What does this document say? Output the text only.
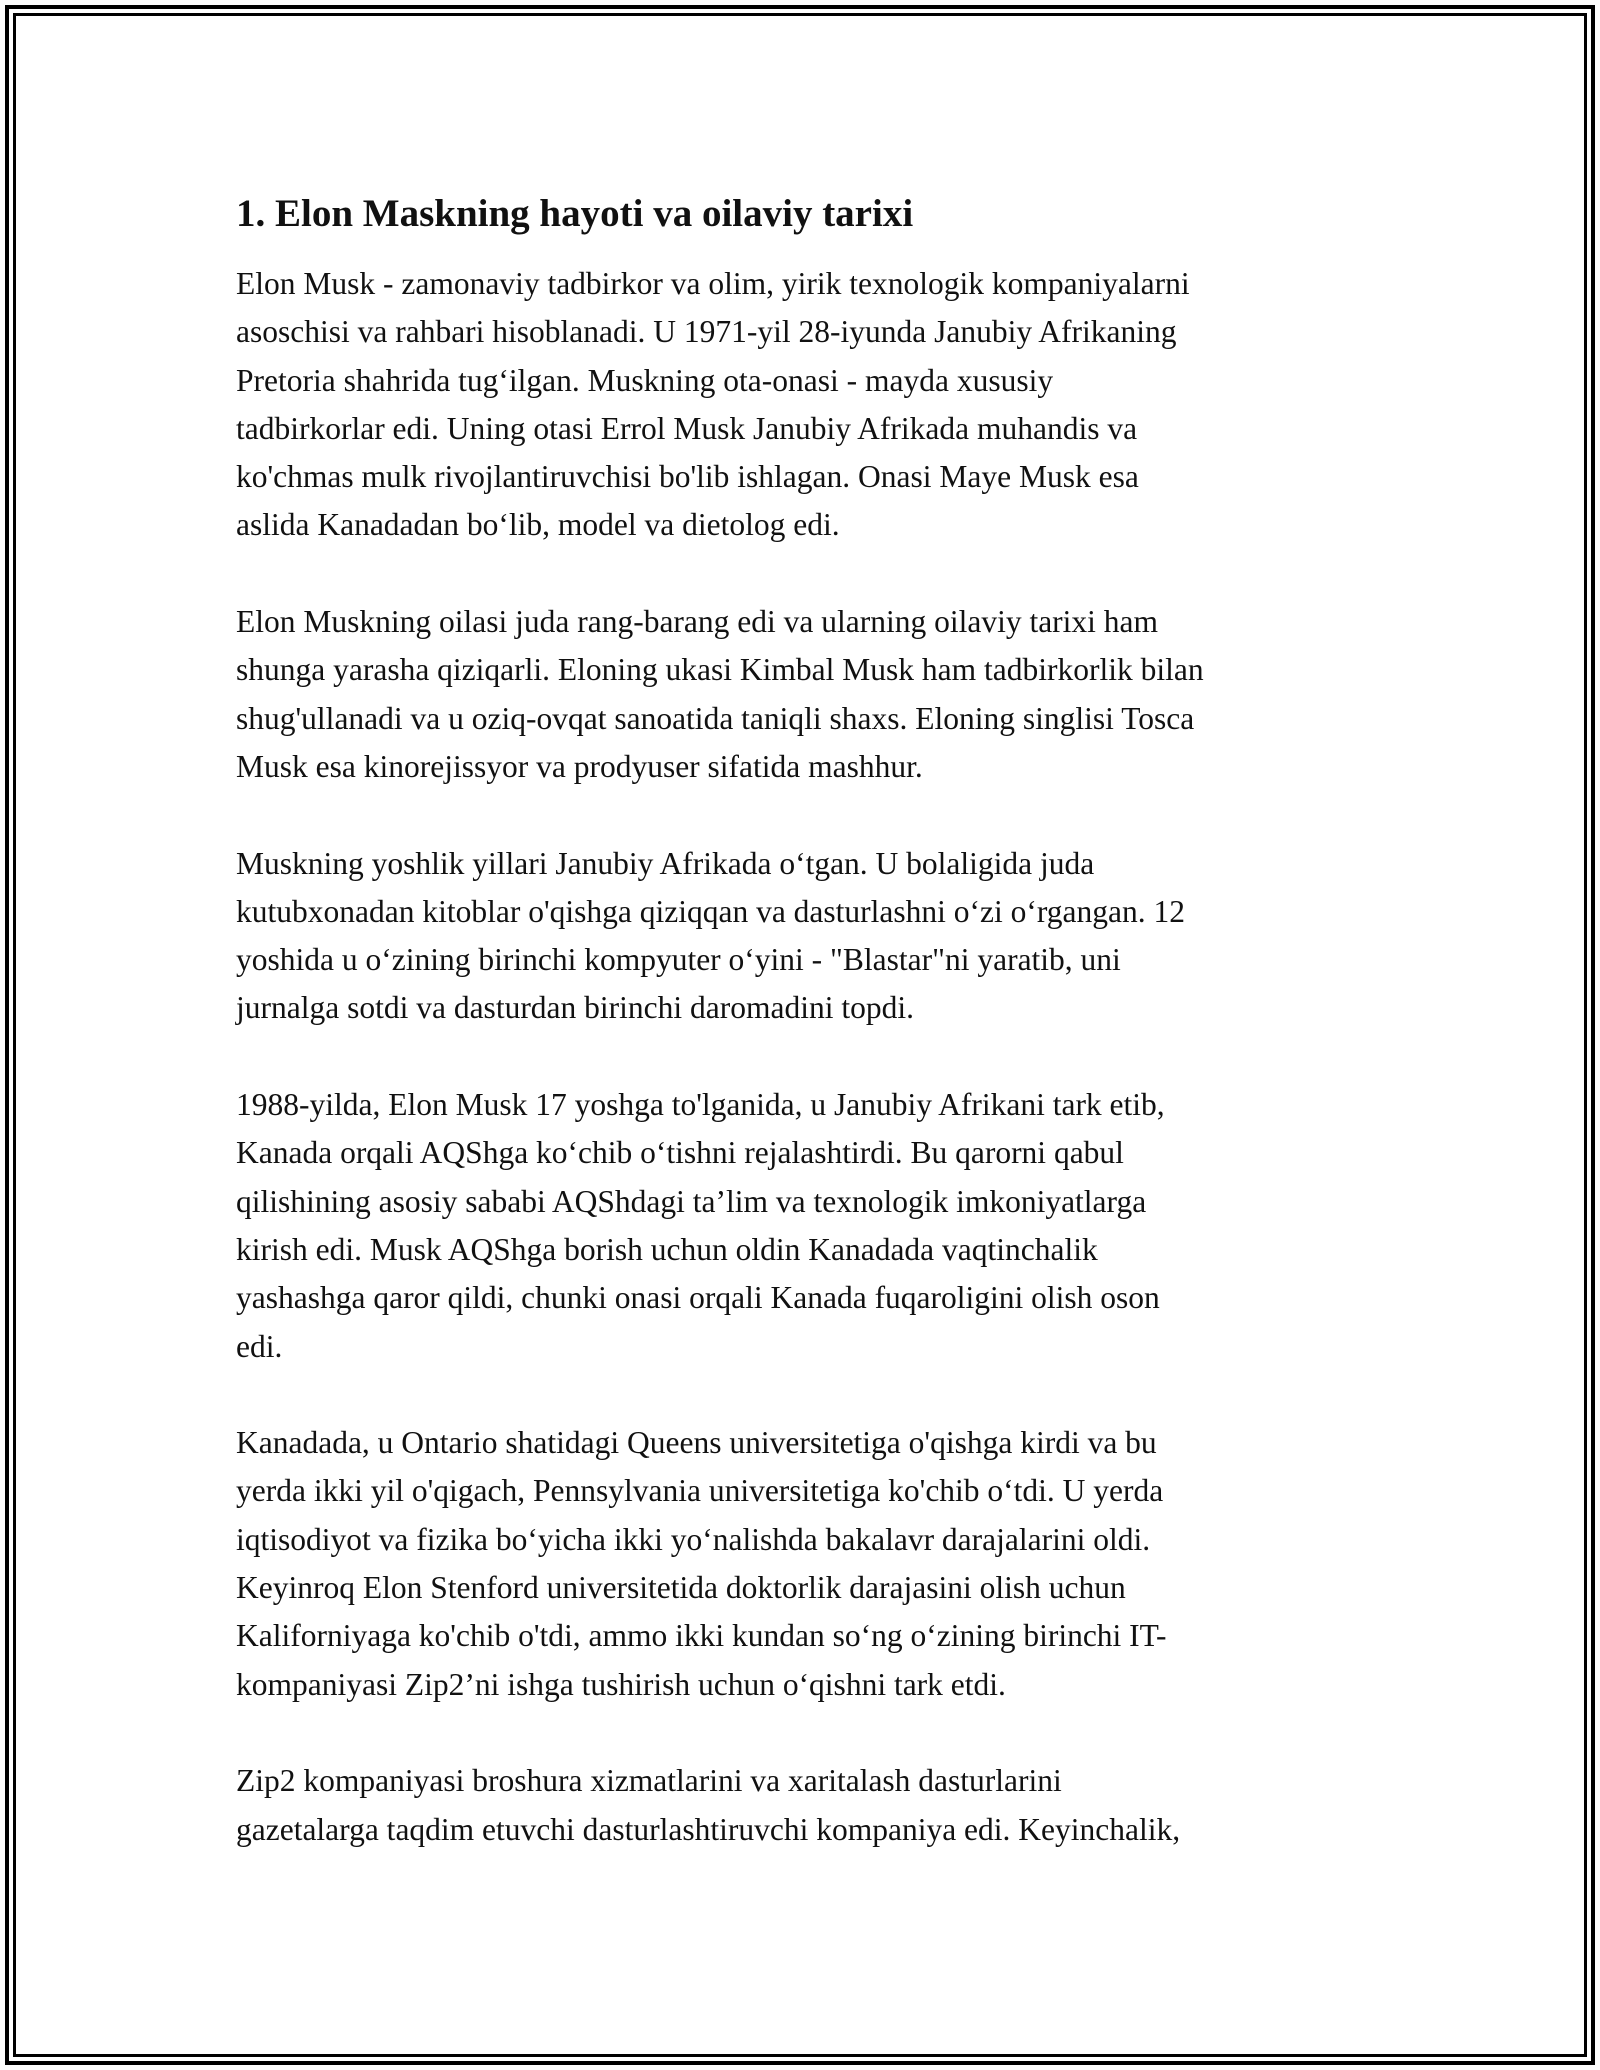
1. Elon Maskning hayoti va oilaviy tarixi

Elon Musk - zamonaviy tadbirkor va olim, yirik texnologik kompaniyalarni
asoschisi va rahbari hisoblanadi. U 1971-yil 28-iyunda Janubiy Afrikaning
Pretoria shahrida tug‘ilgan. Muskning ota-onasi - mayda xususiy
tadbirkorlar edi. Uning otasi Errol Musk Janubiy Afrikada muhandis va
ko'chmas mulk rivojlantiruvchisi bo'lib ishlagan. Onasi Maye Musk esa
aslida Kanadadan bo‘lib, model va dietolog edi.

Elon Muskning oilasi juda rang-barang edi va ularning oilaviy tarixi ham
shunga yarasha qiziqarli. Eloning ukasi Kimbal Musk ham tadbirkorlik bilan
shug'ullanadi va u oziq-ovqat sanoatida taniqli shaxs. Eloning singlisi Tosca
Musk esa kinorejissyor va prodyuser sifatida mashhur.

Muskning yoshlik yillari Janubiy Afrikada o‘tgan. U bolaligida juda
kutubxonadan kitoblar o'qishga qiziqqan va dasturlashni o‘zi o‘rgangan. 12
yoshida u o‘zining birinchi kompyuter o‘yini - "Blastar"ni yaratib, uni
jurnalga sotdi va dasturdan birinchi daromadini topdi.

1988-yilda, Elon Musk 17 yoshga to'lganida, u Janubiy Afrikani tark etib,
Kanada orqali AQShga ko‘chib o‘tishni rejalashtirdi. Bu qarorni qabul
qilishining asosiy sababi AQShdagi ta’lim va texnologik imkoniyatlarga
kirish edi. Musk AQShga borish uchun oldin Kanadada vaqtinchalik
yashashga qaror qildi, chunki onasi orqali Kanada fuqaroligini olish oson
edi.

Kanadada, u Ontario shatidagi Queens universitetiga o'qishga kirdi va bu
yerda ikki yil o'qigach, Pennsylvania universitetiga ko'chib o‘tdi. U yerda
iqtisodiyot va fizika bo‘yicha ikki yo‘nalishda bakalavr darajalarini oldi.
Keyinroq Elon Stenford universitetida doktorlik darajasini olish uchun
Kaliforniyaga ko'chib o'tdi, ammo ikki kundan so‘ng o‘zining birinchi IT-
kompaniyasi Zip2’ni ishga tushirish uchun o‘qishni tark etdi.

Zip2 kompaniyasi broshura xizmatlarini va xaritalash dasturlarini
gazetalarga taqdim etuvchi dasturlashtiruvchi kompaniya edi. Keyinchalik,
